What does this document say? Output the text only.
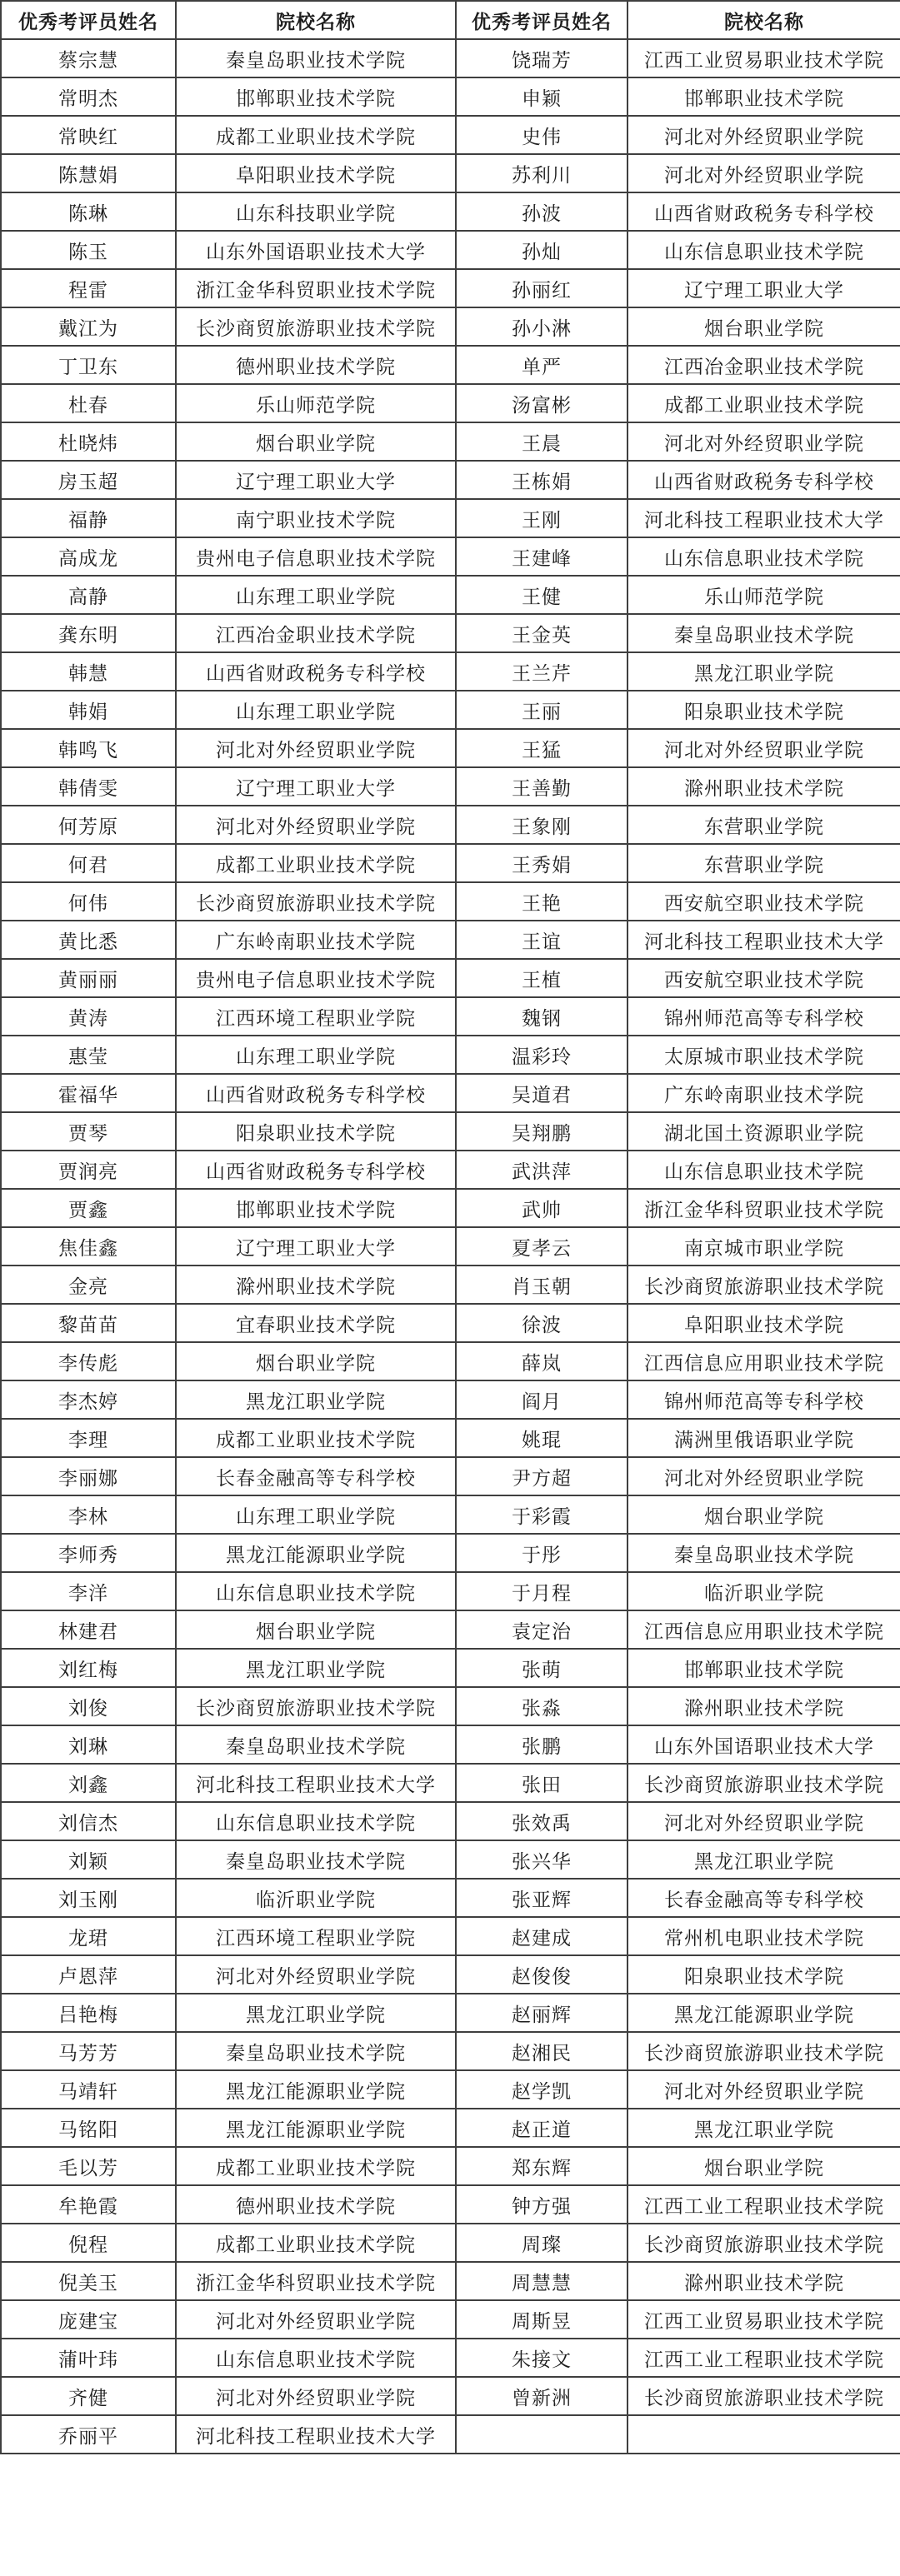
优秀考评员姓名	院校名称	优秀考评员姓名	院校名称
蔡宗慧	秦皇岛职业技术学院	饶瑞芳	江西工业贸易职业技术学院
常明杰	邯郸职业技术学院	申颖	邯郸职业技术学院
常映红	成都工业职业技术学院	史伟	河北对外经贸职业学院
陈慧娟	阜阳职业技术学院	苏利川	河北对外经贸职业学院
陈琳	山东科技职业学院	孙波	山西省财政税务专科学校
陈玉	山东外国语职业技术大学	孙灿	山东信息职业技术学院
程雷	浙江金华科贸职业技术学院	孙丽红	辽宁理工职业大学
戴江为	长沙商贸旅游职业技术学院	孙小淋	烟台职业学院
丁卫东	德州职业技术学院	单严	江西冶金职业技术学院
杜春	乐山师范学院	汤富彬	成都工业职业技术学院
杜晓炜	烟台职业学院	王晨	河北对外经贸职业学院
房玉超	辽宁理工职业大学	王栋娟	山西省财政税务专科学校
福静	南宁职业技术学院	王刚	河北科技工程职业技术大学
高成龙	贵州电子信息职业技术学院	王建峰	山东信息职业技术学院
高静	山东理工职业学院	王健	乐山师范学院
龚东明	江西冶金职业技术学院	王金英	秦皇岛职业技术学院
韩慧	山西省财政税务专科学校	王兰芹	黑龙江职业学院
韩娟	山东理工职业学院	王丽	阳泉职业技术学院
韩鸣飞	河北对外经贸职业学院	王猛	河北对外经贸职业学院
韩倩雯	辽宁理工职业大学	王善勤	滁州职业技术学院
何芳原	河北对外经贸职业学院	王象刚	东营职业学院
何君	成都工业职业技术学院	王秀娟	东营职业学院
何伟	长沙商贸旅游职业技术学院	王艳	西安航空职业技术学院
黄比悉	广东岭南职业技术学院	王谊	河北科技工程职业技术大学
黄丽丽	贵州电子信息职业技术学院	王植	西安航空职业技术学院
黄涛	江西环境工程职业学院	魏钢	锦州师范高等专科学校
惠莹	山东理工职业学院	温彩玲	太原城市职业技术学院
霍福华	山西省财政税务专科学校	吴道君	广东岭南职业技术学院
贾琴	阳泉职业技术学院	吴翔鹏	湖北国土资源职业学院
贾润亮	山西省财政税务专科学校	武洪萍	山东信息职业技术学院
贾鑫	邯郸职业技术学院	武帅	浙江金华科贸职业技术学院
焦佳鑫	辽宁理工职业大学	夏孝云	南京城市职业学院
金亮	滁州职业技术学院	肖玉朝	长沙商贸旅游职业技术学院
黎苗苗	宜春职业技术学院	徐波	阜阳职业技术学院
李传彪	烟台职业学院	薛岚	江西信息应用职业技术学院
李杰婷	黑龙江职业学院	阎月	锦州师范高等专科学校
李理	成都工业职业技术学院	姚琨	满洲里俄语职业学院
李丽娜	长春金融高等专科学校	尹方超	河北对外经贸职业学院
李林	山东理工职业学院	于彩霞	烟台职业学院
李师秀	黑龙江能源职业学院	于彤	秦皇岛职业技术学院
李洋	山东信息职业技术学院	于月程	临沂职业学院
林建君	烟台职业学院	袁定治	江西信息应用职业技术学院
刘红梅	黑龙江职业学院	张萌	邯郸职业技术学院
刘俊	长沙商贸旅游职业技术学院	张淼	滁州职业技术学院
刘琳	秦皇岛职业技术学院	张鹏	山东外国语职业技术大学
刘鑫	河北科技工程职业技术大学	张田	长沙商贸旅游职业技术学院
刘信杰	山东信息职业技术学院	张效禹	河北对外经贸职业学院
刘颖	秦皇岛职业技术学院	张兴华	黑龙江职业学院
刘玉刚	临沂职业学院	张亚辉	长春金融高等专科学校
龙珺	江西环境工程职业学院	赵建成	常州机电职业技术学院
卢恩萍	河北对外经贸职业学院	赵俊俊	阳泉职业技术学院
吕艳梅	黑龙江职业学院	赵丽辉	黑龙江能源职业学院
马芳芳	秦皇岛职业技术学院	赵湘民	长沙商贸旅游职业技术学院
马靖轩	黑龙江能源职业学院	赵学凯	河北对外经贸职业学院
马铭阳	黑龙江能源职业学院	赵正道	黑龙江职业学院
毛以芳	成都工业职业技术学院	郑东辉	烟台职业学院
牟艳霞	德州职业技术学院	钟方强	江西工业工程职业技术学院
倪程	成都工业职业技术学院	周璨	长沙商贸旅游职业技术学院
倪美玉	浙江金华科贸职业技术学院	周慧慧	滁州职业技术学院
庞建宝	河北对外经贸职业学院	周斯昱	江西工业贸易职业技术学院
蒲叶玮	山东信息职业技术学院	朱接文	江西工业工程职业技术学院
齐健	河北对外经贸职业学院	曾新洲	长沙商贸旅游职业技术学院
乔丽平	河北科技工程职业技术大学		
